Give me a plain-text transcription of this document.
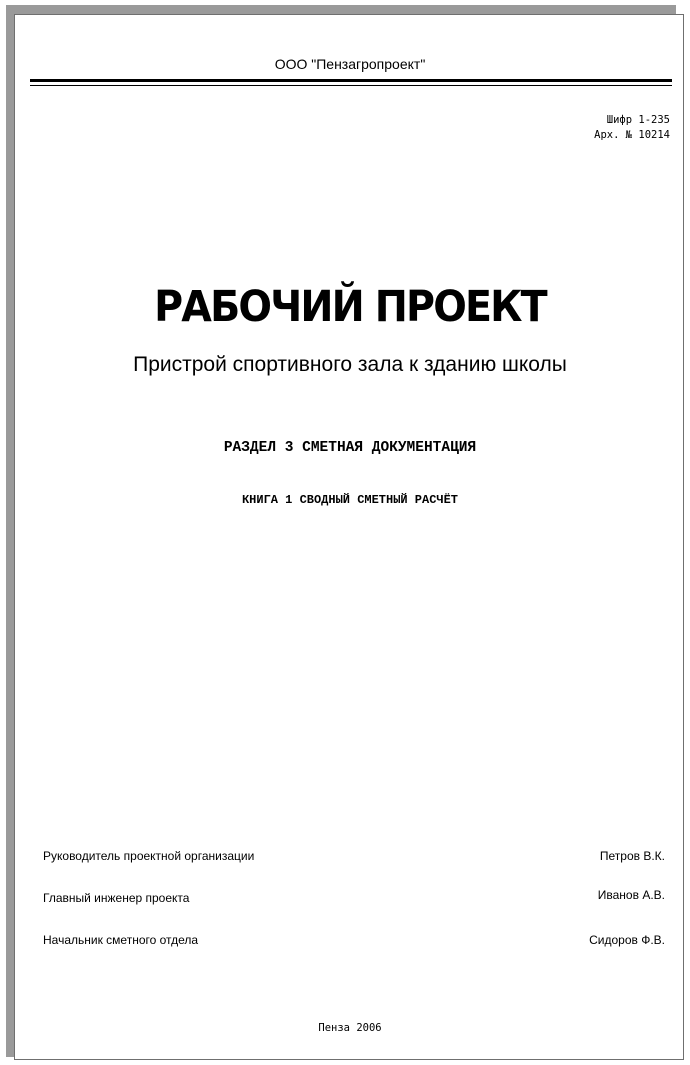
ООО "Пензагропроект"
Шифр 1-235
Арх. № 10214
РАБОЧИЙ ПРОЕКТ
Пристрой спортивного зала к зданию школы
РАЗДЕЛ 3 СМЕТНАЯ ДОКУМЕНТАЦИЯ
КНИГА 1 СВОДНЫЙ СМЕТНЫЙ РАСЧЁТ
Руководитель проектной организации	Петров В.К.
Главный инженер проекта	Иванов А.В.
Начальник сметного отдела	Сидоров Ф.В.
Пенза 2006
